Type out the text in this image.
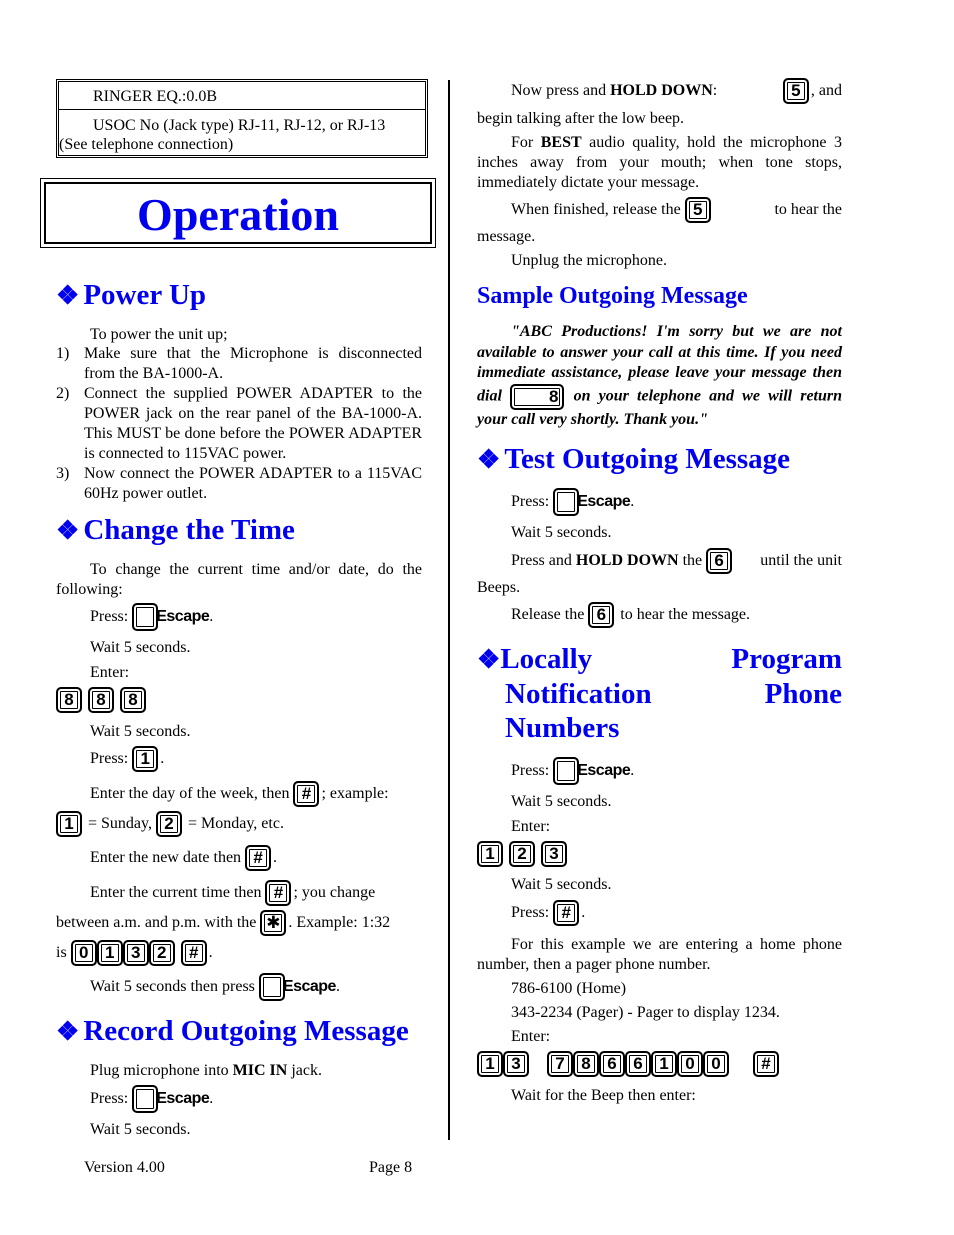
RINGER EQ.:0.0B
USOC No (Jack type) RJ-11, RJ-12, or RJ-13
(See telephone connection)
Operation
❖ Power Up
To power the unit up;
1) Make sure that the Microphone is disconnected from the BA-1000-A.
2) Connect the supplied POWER ADAPTER to the POWER jack on the rear panel of the BA-1000-A. This MUST be done before the POWER ADAPTER is connected to 115VAC power.
3) Now connect the POWER ADAPTER to a 115VAC 60Hz power outlet.
❖ Change the Time
To change the current time and/or date, do the following:
Press: Escape.
Wait 5 seconds.
Enter:
8 8 8
Wait 5 seconds.
Press: 1 .
Enter the day of the week, then # ; example:
1 = Sunday, 2 = Monday, etc.
Enter the new date then # .
Enter the current time then # ; you change
between a.m. and p.m. with the ✱ . Example: 1:32
is 0 1 3 2 # .
Wait 5 seconds then press Escape.
❖ Record Outgoing Message
Plug microphone into MIC IN jack.
Press: Escape.
Wait 5 seconds.
Version 4.00	Page 8
Now press and HOLD DOWN:	5 , and
begin talking after the low beep.
For BEST audio quality, hold the microphone 3 inches away from your mouth; when tone stops, immediately dictate your message.
When finished, release the 5	to hear the
message.
Unplug the microphone.
Sample Outgoing Message
"ABC Productions! I'm sorry but we are not available to answer your call at this time. If you need immediate assistance, please leave your message then dial	8 on your telephone and we will return your call very shortly. Thank you."
❖ Test Outgoing Message
Press: Escape.
Wait 5 seconds.
Press and HOLD DOWN the 6 until the unit
Beeps.
Release the 6 to hear the message.
❖Locally	Program
Notification	Phone
Numbers
Press: Escape.
Wait 5 seconds.
Enter:
1 2 3
Wait 5 seconds.
Press: # .
For this example we are entering a home phone number, then a pager phone number.
786-6100 (Home)
343-2234 (Pager) - Pager to display 1234.
Enter:
1 3 7 8 6 6 1 0 0 #
Wait for the Beep then enter:
